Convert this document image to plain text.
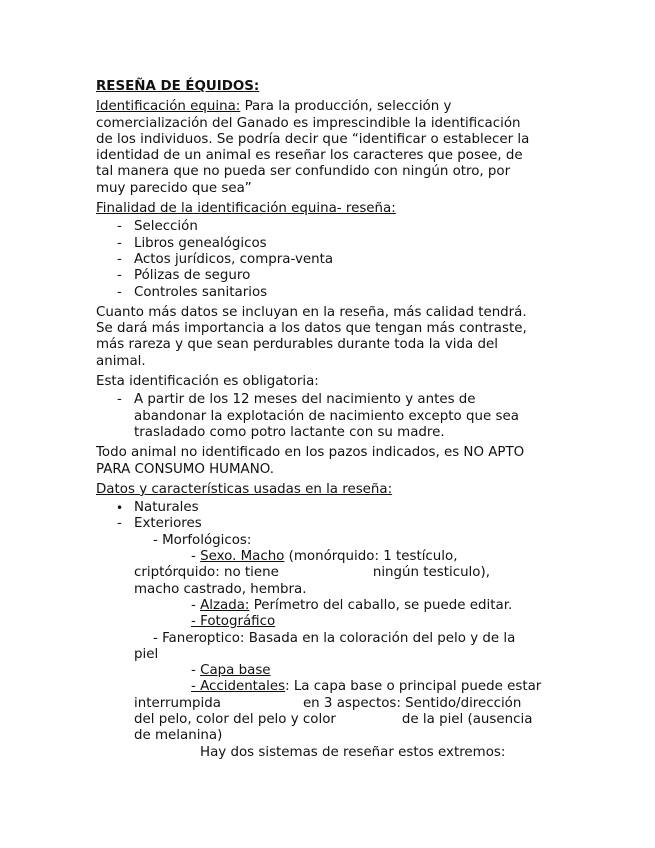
RESEÑA DE ÉQUIDOS:
Identificación equina: Para la producción, selección y
comercialización del Ganado es imprescindible la identificación
de los individuos. Se podría decir que “identificar o establecer la
identidad de un animal es reseñar los caracteres que posee, de
tal manera que no pueda ser confundido con ningún otro, por
muy parecido que sea”
Finalidad de la identificación equina- reseña:
- Selección
- Libros genealógicos
- Actos jurídicos, compra-venta
- Pólizas de seguro
- Controles sanitarios
Cuanto más datos se incluyan en la reseña, más calidad tendrá.
Se dará más importancia a los datos que tengan más contraste,
más rareza y que sean perdurables durante toda la vida del
animal.
Esta identificación es obligatoria:
- A partir de los 12 meses del nacimiento y antes de
abandonar la explotación de nacimiento excepto que sea
trasladado como potro lactante con su madre.
Todo animal no identificado en los pazos indicados, es NO APTO
PARA CONSUMO HUMANO.
Datos y características usadas en la reseña:
• Naturales
- Exteriores
- Morfológicos:
- Sexo. Macho (monórquido: 1 testículo,
criptórquido: no tiene	ningún testiculo),
macho castrado, hembra.
- Alzada: Perímetro del caballo, se puede editar.
- Fotográfico
- Faneroptico: Basada en la coloración del pelo y de la
piel
- Capa base
- Accidentales: La capa base o principal puede estar
interrumpida	en 3 aspectos: Sentido/dirección
del pelo, color del pelo y color	de la piel (ausencia
de melanina)
Hay dos sistemas de reseñar estos extremos:
